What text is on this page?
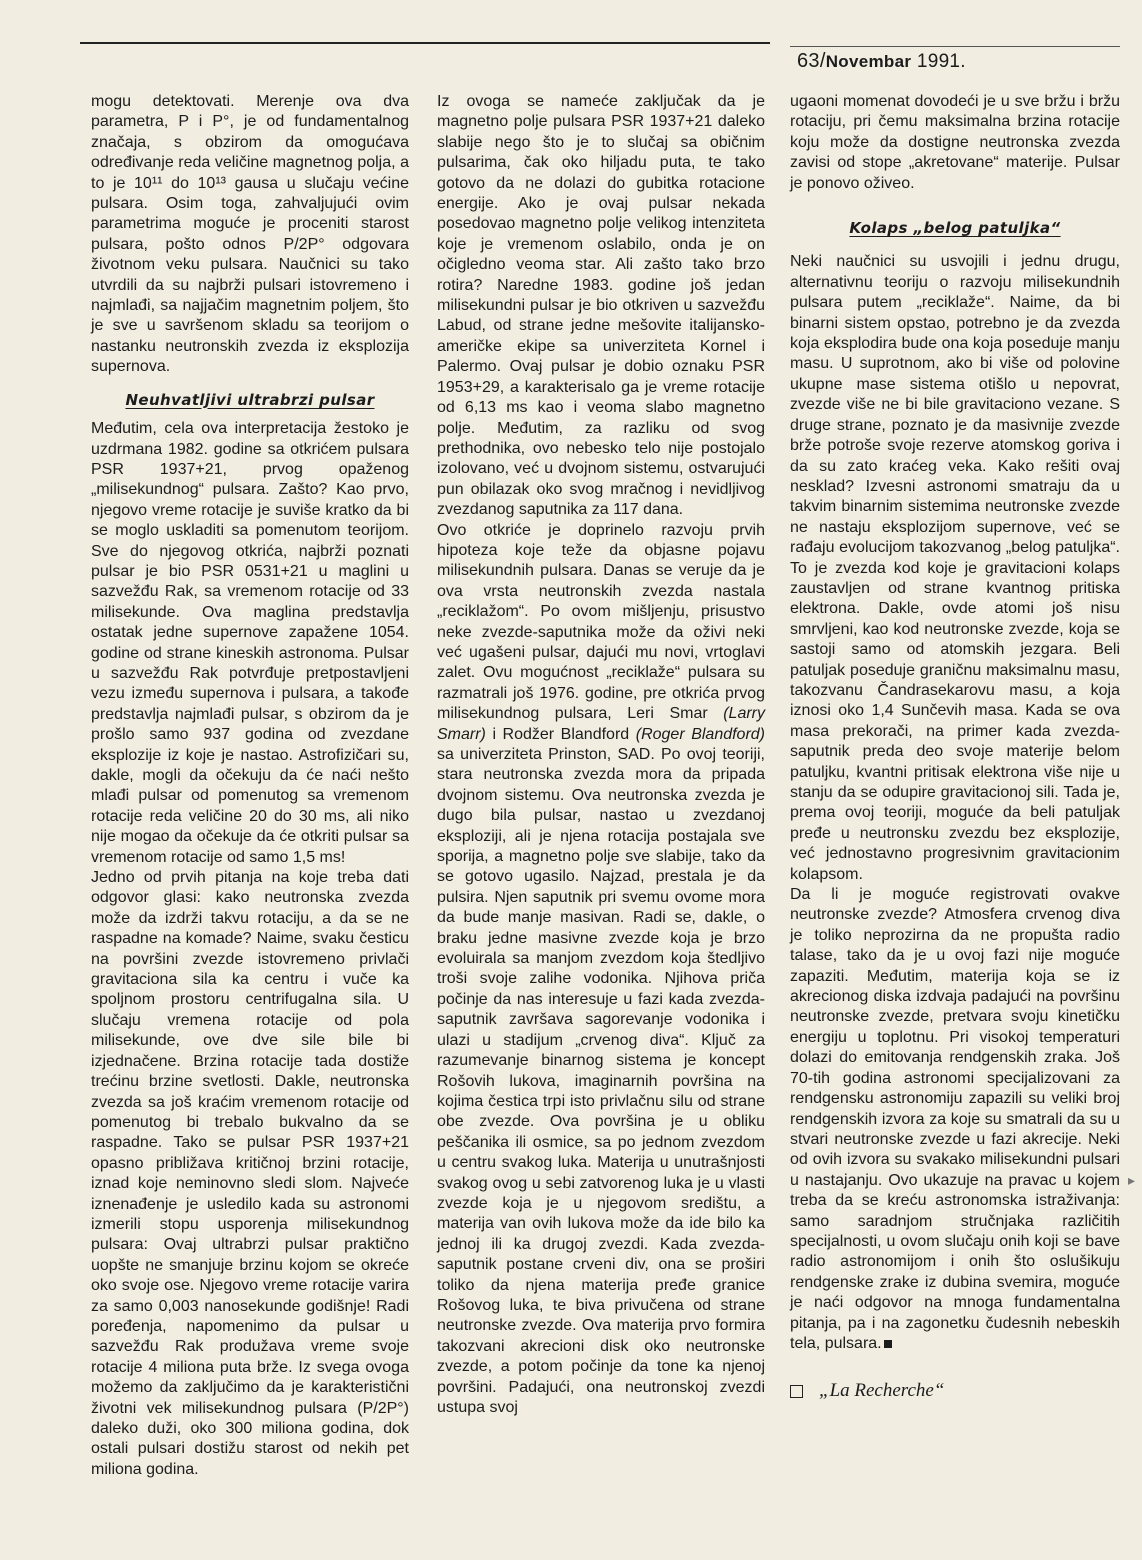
63/Novembar 1991.

mogu detektovati. Merenje ova dva parametra, P i P°, je od fundamentalnog značaja, s obzirom da omogućava određivanje reda veličine magnetnog polja, a to je 10¹¹ do 10¹³ gausa u slučaju većine pulsara. Osim toga, zahvaljujući ovim parametrima moguće je proceniti starost pulsara, pošto odnos P/2P° odgovara životnom veku pulsara. Naučnici su tako utvrdili da su najbrži pulsari istovremeno i najmlađi, sa najjačim magnetnim poljem, što je sve u savršenom skladu sa teorijom o nastanku neutronskih zvezda iz eksplozija supernova.

Neuhvatljivi ultrabrzi pulsar

Međutim, cela ova interpretacija žestoko je uzdrmana 1982. godine sa otkrićem pulsara PSR 1937+21, prvog opaženog „milisekundnog“ pulsara. Zašto? Kao prvo, njegovo vreme rotacije je suviše kratko da bi se moglo uskladiti sa pomenutom teorijom. Sve do njegovog otkrića, najbrži poznati pulsar je bio PSR 0531+21 u maglini u sazvežđu Rak, sa vremenom rotacije od 33 milisekunde. Ova maglina predstavlja ostatak jedne supernove zapažene 1054. godine od strane kineskih astronoma. Pulsar u sazvežđu Rak potvrđuje pretpostavljeni vezu između supernova i pulsara, a takođe predstavlja najmlađi pulsar, s obzirom da je prošlo samo 937 godina od zvezdane eksplozije iz koje je nastao. Astrofizičari su, dakle, mogli da očekuju da će naći nešto mlađi pulsar od pomenutog sa vremenom rotacije reda veličine 20 do 30 ms, ali niko nije mogao da očekuje da će otkriti pulsar sa vremenom rotacije od samo 1,5 ms!

Jedno od prvih pitanja na koje treba dati odgovor glasi: kako neutronska zvezda može da izdrži takvu rotaciju, a da se ne raspadne na komade? Naime, svaku česticu na površini zvezde istovremeno privlači gravitaciona sila ka centru i vuče ka spoljnom prostoru centrifugalna sila. U slučaju vremena rotacije od pola milisekunde, ove dve sile bile bi izjednačene. Brzina rotacije tada dostiže trećinu brzine svetlosti. Dakle, neutronska zvezda sa još kraćim vremenom rotacije od pomenutog bi trebalo bukvalno da se raspadne. Tako se pulsar PSR 1937+21 opasno približava kritičnoj brzini rotacije, iznad koje neminovno sledi slom. Najveće iznenađenje je usledilo kada su astronomi izmerili stopu usporenja milisekundnog pulsara: Ovaj ultrabrzi pulsar praktično uopšte ne smanjuje brzinu kojom se okreće oko svoje ose. Njegovo vreme rotacije varira za samo 0,003 nanosekunde godišnje! Radi poređenja, napomenimo da pulsar u sazvežđu Rak produžava vreme svoje rotacije 4 miliona puta brže. Iz svega ovoga možemo da zaključimo da je karakteristični životni vek milisekundnog pulsara (P/2P°) daleko duži, oko 300 miliona godina, dok ostali pulsari dostižu starost od nekih pet miliona godina.

Iz ovoga se nameće zaključak da je magnetno polje pulsara PSR 1937+21 daleko slabije nego što je to slučaj sa običnim pulsarima, čak oko hiljadu puta, te tako gotovo da ne dolazi do gubitka rotacione energije. Ako je ovaj pulsar nekada posedovao magnetno polje velikog intenziteta koje je vremenom oslabilo, onda je on očigledno veoma star. Ali zašto tako brzo rotira? Naredne 1983. godine još jedan milisekundni pulsar je bio otkriven u sazvežđu Labud, od strane jedne mešovite italijansko-američke ekipe sa univerziteta Kornel i Palermo. Ovaj pulsar je dobio oznaku PSR 1953+29, a karakterisalo ga je vreme rotacije od 6,13 ms kao i veoma slabo magnetno polje. Međutim, za razliku od svog prethodnika, ovo nebesko telo nije postojalo izolovano, već u dvojnom sistemu, ostvarujući pun obilazak oko svog mračnog i nevidljivog zvezdanog saputnika za 117 dana.

Ovo otkriće je doprinelo razvoju prvih hipoteza koje teže da objasne pojavu milisekundnih pulsara. Danas se veruje da je ova vrsta neutronskih zvezda nastala „reciklažom“. Po ovom mišljenju, prisustvo neke zvezde-saputnika može da oživi neki već ugašeni pulsar, dajući mu novi, vrtoglavi zalet. Ovu mogućnost „reciklaže“ pulsara su razmatrali još 1976. godine, pre otkrića prvog milisekundnog pulsara, Leri Smar (Larry Smarr) i Rodžer Blandford (Roger Blandford) sa univerziteta Prinston, SAD. Po ovoj teoriji, stara neutronska zvezda mora da pripada dvojnom sistemu. Ova neutronska zvezda je dugo bila pulsar, nastao u zvezdanoj eksploziji, ali je njena rotacija postajala sve sporija, a magnetno polje sve slabije, tako da se gotovo ugasilo. Najzad, prestala je da pulsira. Njen saputnik pri svemu ovome mora da bude manje masivan. Radi se, dakle, o braku jedne masivne zvezde koja je brzo evoluirala sa manjom zvezdom koja štedljivo troši svoje zalihe vodonika. Njihova priča počinje da nas interesuje u fazi kada zvezda-saputnik završava sagorevanje vodonika i ulazi u stadijum „crvenog diva“. Ključ za razumevanje binarnog sistema je koncept Rošovih lukova, imaginarnih površina na kojima čestica trpi isto privlačnu silu od strane obe zvezde. Ova površina je u obliku peščanika ili osmice, sa po jednom zvezdom u centru svakog luka. Materija u unutrašnjosti svakog ovog u sebi zatvorenog luka je u vlasti zvezde koja je u njegovom središtu, a materija van ovih lukova može da ide bilo ka jednoj ili ka drugoj zvezdi. Kada zvezda-saputnik postane crveni div, ona se proširi toliko da njena materija pređe granice Rošovog luka, te biva privučena od strane neutronske zvezde. Ova materija prvo formira takozvani akrecioni disk oko neutronske zvezde, a potom počinje da tone ka njenoj površini. Padajući, ona neutronskoj zvezdi ustupa svoj

ugaoni momenat dovodeći je u sve bržu i bržu rotaciju, pri čemu maksimalna brzina rotacije koju može da dostigne neutronska zvezda zavisi od stope „akretovane“ materije. Pulsar je ponovo oživeo.

Kolaps „belog patuljka“

Neki naučnici su usvojili i jednu drugu, alternativnu teoriju o razvoju milisekundnih pulsara putem „reciklaže“. Naime, da bi binarni sistem opstao, potrebno je da zvezda koja eksplodira bude ona koja poseduje manju masu. U suprotnom, ako bi više od polovine ukupne mase sistema otišlo u nepovrat, zvezde više ne bi bile gravitaciono vezane. S druge strane, poznato je da masivnije zvezde brže potroše svoje rezerve atomskog goriva i da su zato kraćeg veka. Kako rešiti ovaj nesklad? Izvesni astronomi smatraju da u takvim binarnim sistemima neutronske zvezde ne nastaju eksplozijom supernove, već se rađaju evolucijom takozvanog „belog patuljka“. To je zvezda kod koje je gravitacioni kolaps zaustavljen od strane kvantnog pritiska elektrona. Dakle, ovde atomi još nisu smrvljeni, kao kod neutronske zvezde, koja se sastoji samo od atomskih jezgara. Beli patuljak poseduje graničnu maksimalnu masu, takozvanu Čandrasekarovu masu, a koja iznosi oko 1,4 Sunčevih masa. Kada se ova masa prekorači, na primer kada zvezda-saputnik preda deo svoje materije belom patuljku, kvantni pritisak elektrona više nije u stanju da se odupire gravitacionoj sili. Tada je, prema ovoj teoriji, moguće da beli patuljak pređe u neutronsku zvezdu bez eksplozije, već jednostavno progresivnim gravitacionim kolapsom.

Da li je moguće registrovati ovakve neutronske zvezde? Atmosfera crvenog diva je toliko neprozirna da ne propušta radio talase, tako da je u ovoj fazi nije moguće zapaziti. Međutim, materija koja se iz akrecionog diska izdvaja padajući na površinu neutronske zvezde, pretvara svoju kinetičku energiju u toplotnu. Pri visokoj temperaturi dolazi do emitovanja rendgenskih zraka. Još 70-tih godina astronomi specijalizovani za rendgensku astronomiju zapazili su veliki broj rendgenskih izvora za koje su smatrali da su u stvari neutronske zvezde u fazi akrecije. Neki od ovih izvora su svakako milisekundni pulsari u nastajanju. Ovo ukazuje na pravac u kojem treba da se kreću astronomska istraživanja: samo saradnjom stručnjaka različitih specijalnosti, u ovom slučaju onih koji se bave radio astronomijom i onih što oslušikuju rendgenske zrake iz dubina svemira, moguće je naći odgovor na mnoga fundamentalna pitanja, pa i na zagonetku čudesnih nebeskih tela, pulsara.

„La Recherche“
▸
